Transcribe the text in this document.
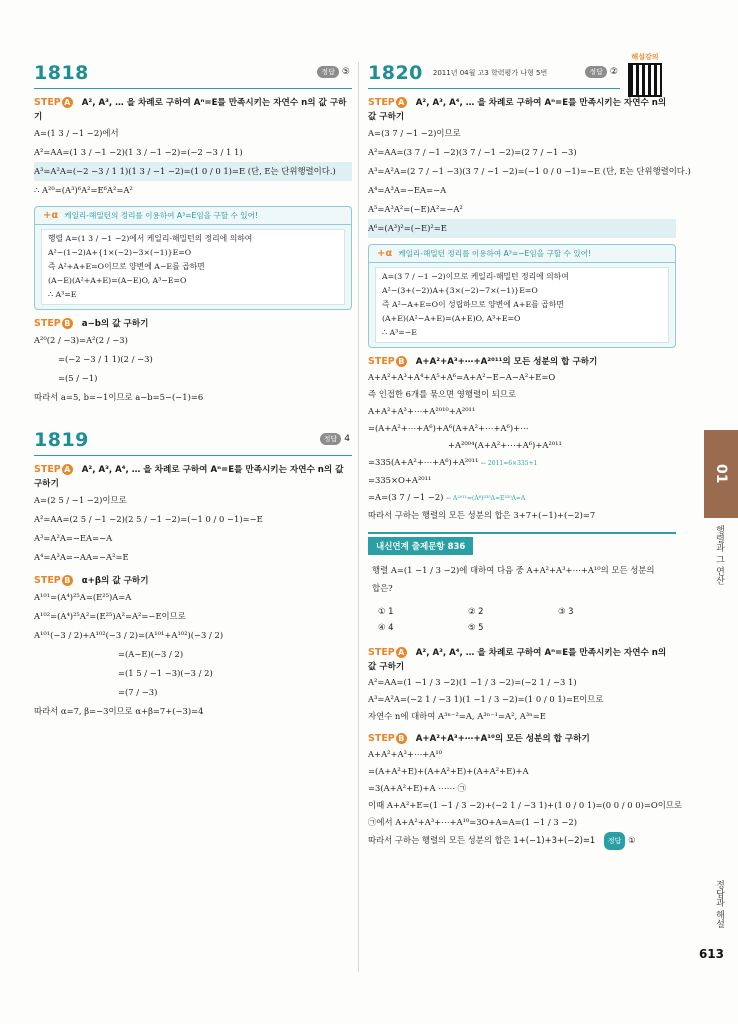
1818	정답 ⑤
STEP A A², A³, … 을 차례로 구하여 Aⁿ=E를 만족시키는 자연수 n의 값 구하기
A=(1 3 / −1 −2)에서
A²=AA=(1 3 / −1 −2)(1 3 / −1 −2)=(−2 −3 / 1 1)
A³=A²A=(−2 −3 / 1 1)(1 3 / −1 −2)=(1 0 / 0 1)=E (단, E는 단위행렬이다.)
∴ A²⁰=(A³)⁶A²=E⁶A²=A²
+α 케일리-해밀턴의 정리를 이용하여 A³=E임을 구할 수 있어!
행렬 A=(1 3 / −1 −2)에서 케일리-해밀턴의 정리에 의하여
A²−(1−2)A+{1×(−2)−3×(−1)}E=O
즉 A²+A+E=O이므로 양변에 A−E를 곱하면
(A−E)(A²+A+E)=(A−E)O, A³−E=O
∴ A³=E
STEP B a−b의 값 구하기
A²⁰(2 / −3)=A²(2 / −3)
=(−2 −3 / 1 1)(2 / −3)
=(5 / −1)
따라서 a=5, b=−1이므로 a−b=5−(−1)=6
1819	정답 4
STEP A A², A³, A⁴, … 을 차례로 구하여 Aⁿ=E를 만족시키는 자연수 n의 값 구하기
A=(2 5 / −1 −2)이므로
A²=AA=(2 5 / −1 −2)(2 5 / −1 −2)=(−1 0 / 0 −1)=−E
A³=A²A=−EA=−A
A⁴=A³A=−AA=−A²=E
STEP B α+β의 값 구하기
A¹⁰¹=(A⁴)²⁵A=(E²⁵)A=A
A¹⁰²=(A⁴)²⁵A²=(E²⁵)A²=A²=−E이므로
A¹⁰¹(−3 / 2)+A¹⁰²(−3 / 2)=(A¹⁰¹+A¹⁰²)(−3 / 2)
=(A−E)(−3 / 2)
=(1 5 / −1 −3)(−3 / 2)
=(7 / −3)
따라서 α=7, β=−3이므로 α+β=7+(−3)=4
해설강의
1820 2011년 04월 고3 학력평가 나형 5번	정답 ②
STEP A A², A³, A⁴, … 을 차례로 구하여 Aⁿ=E를 만족시키는 자연수 n의 값 구하기
A=(3 7 / −1 −2)이므로
A²=AA=(3 7 / −1 −2)(3 7 / −1 −2)=(2 7 / −1 −3)
A³=A²A=(2 7 / −1 −3)(3 7 / −1 −2)=(−1 0 / 0 −1)=−E (단, E는 단위행렬이다.)
A⁴=A³A=−EA=−A
A⁵=A³A²=(−E)A²=−A²
A⁶=(A³)²=(−E)²=E
+α 케일리-해밀턴 정리를 이용하여 A³=−E임을 구할 수 있어!
A=(3 7 / −1 −2)이므로 케일리-해밀턴 정리에 의하여
A²−(3+(−2))A+{3×(−2)−7×(−1)}E=O
즉 A²−A+E=O이 성립하므로 양변에 A+E를 곱하면
(A+E)(A²−A+E)=(A+E)O, A³+E=O
∴ A³=−E
STEP B A+A²+A³+⋯+A²⁰¹¹의 모든 성분의 합 구하기
A+A²+A³+A⁴+A⁵+A⁶=A+A²−E−A−A²+E=O
즉 인접한 6개를 묶으면 영행렬이 되므로
A+A²+A³+⋯+A²⁰¹⁰+A²⁰¹¹
=(A+A²+⋯+A⁶)+A⁶(A+A²+⋯+A⁶)+⋯
+A²⁰⁰⁴(A+A²+⋯+A⁶)+A²⁰¹¹
=335(A+A²+⋯+A⁶)+A²⁰¹¹ ← 2011=6×335+1
=335×O+A²⁰¹¹
=A=(3 7 / −1 −2) ← A²⁰¹¹=(A⁶)³³⁵A=E³³⁵A=A
따라서 구하는 행렬의 모든 성분의 합은 3+7+(−1)+(−2)=7
내신연계 출제문항 836
행렬 A=(1 −1 / 3 −2)에 대하여 다음 중 A+A²+A³+⋯+A¹⁰의 모든 성분의
합은?
① 1	② 2	③ 3
④ 4	⑤ 5
STEP A A², A³, A⁴, … 을 차례로 구하여 Aⁿ=E를 만족시키는 자연수 n의 값 구하기
A²=AA=(1 −1 / 3 −2)(1 −1 / 3 −2)=(−2 1 / −3 1)
A³=A²A=(−2 1 / −3 1)(1 −1 / 3 −2)=(1 0 / 0 1)=E이므로
자연수 n에 대하여 A³ⁿ⁻²=A, A³ⁿ⁻¹=A², A³ⁿ=E
STEP B A+A²+A³+⋯+A¹⁰의 모든 성분의 합 구하기
A+A²+A³+⋯+A¹⁰
=(A+A²+E)+(A+A²+E)+(A+A²+E)+A
=3(A+A²+E)+A ⋯⋯ ㉠
이때 A+A²+E=(1 −1 / 3 −2)+(−2 1 / −3 1)+(1 0 / 0 1)=(0 0 / 0 0)=O이므로
㉠에서 A+A²+A³+⋯+A¹⁰=3O+A=A=(1 −1 / 3 −2)
따라서 구하는 행렬의 모든 성분의 합은 1+(−1)+3+(−2)=1 정답 ①
01
행렬과 그 연산
정답과 해설
613
